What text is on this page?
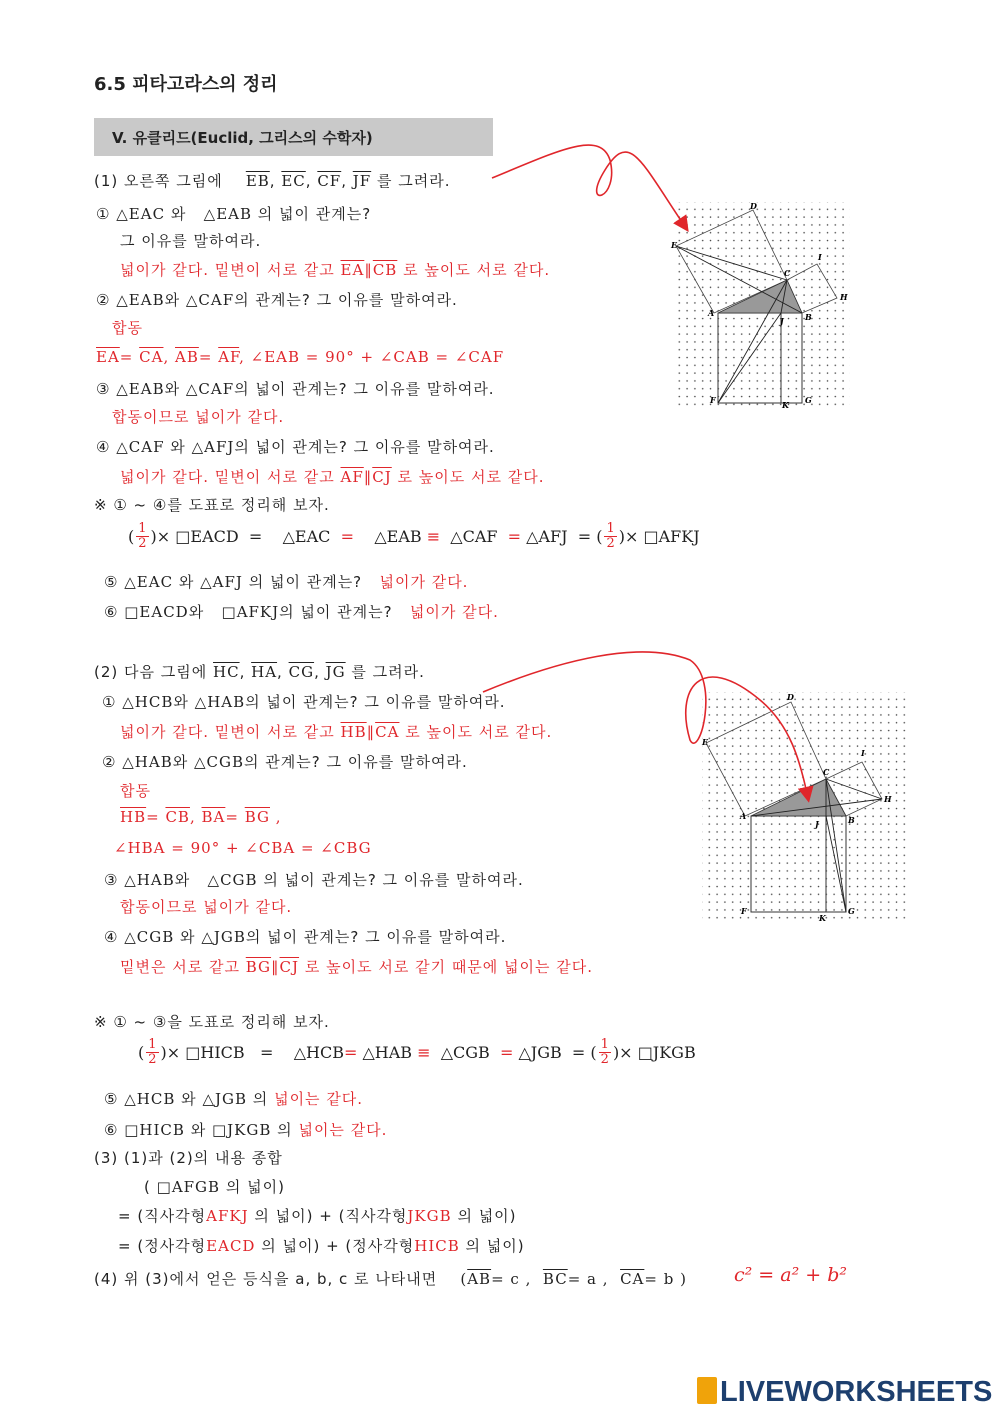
6.5 피타고라스의 정리
V. 유클리드(Euclid, 그리스의 수학자)
(1) 오른쪽 그림에 $\overline{EB}$, $\overline{EC}$, $\overline{CF}$, $\overline{JF}$ 를 그려라.
① △EAC 와 △EAB 의 넓이 관계는?
그 이유를 말하여라.
넓이가 같다. 밑변이 서로 같고 $\overline{EA}\parallel\overline{CB}$ 로 높이도 서로 같다.
② △EAB와 △CAF의 관계는? 그 이유를 말하여라.
합동
$\overline{EA}= \overline{CA}$, $\overline{AB}= \overline{AF}$, ∠EAB = 90° + ∠CAB = ∠CAF
③ △EAB와 △CAF의 넓이 관계는? 그 이유를 말하여라.
합동이므로 넓이가 같다.
④ △CAF 와 △AFJ의 넓이 관계는? 그 이유를 말하여라.
넓이가 같다. 밑변이 서로 같고 $\overline{AF}\parallel\overline{CJ}$ 로 높이도 서로 같다.
※ ① ~ ④를 도표로 정리해 보자.
( $\frac{1}{2}$ )×
□EACD
=
△EAC
=
△EAB
≡
△CAF
=
△AFJ
=
( $\frac{1}{2}$ )×
□AFKJ
⑤ △EAC 와 △AFJ 의 넓이 관계는? 넓이가 같다.
⑥ □EACD와 □AFKJ의 넓이 관계는? 넓이가 같다.
(2) 다음 그림에 $\overline{HC}$, $\overline{HA}$, $\overline{CG}$, $\overline{JG}$ 를 그려라.
① △HCB와 △HAB의 넓이 관계는? 그 이유를 말하여라.
넓이가 같다. 밑변이 서로 같고 $\overline{HB}\parallel\overline{CA}$ 로 높이도 서로 같다.
② △HAB와 △CGB의 관계는? 그 이유를 말하여라.
합동
$\overline{HB}= \overline{CB}$, $\overline{BA}= \overline{BG}$ ,
∠HBA = 90° + ∠CBA = ∠CBG
③ △HAB와 △CGB 의 넓이 관계는? 그 이유를 말하여라.
합동이므로 넓이가 같다.
④ △CGB 와 △JGB의 넓이 관계는? 그 이유를 말하여라.
밑변은 서로 같고 $\overline{BG}\parallel\overline{CJ}$ 로 높이도 서로 같기 때문에 넓이는 같다.
※ ① ~ ③을 도표로 정리해 보자.
( $\frac{1}{2}$ )×
□HICB
=
△HCB =
△HAB
≡
△CGB
=
△JGB
=
( $\frac{1}{2}$ )×
□JKGB
⑤ △HCB 와 △JGB 의 넓이는 같다.
⑥ □HICB 와 □JKGB 의 넓이는 같다.
(3) (1)과 (2)의 내용 종합
( □AFGB 의 넓이)
= (직사각형AFKJ 의 넓이) + (직사각형JKGB 의 넓이)
= (정사각형EACD 의 넓이) + (정사각형HICB 의 넓이)
(4) 위 (3)에서 얻은 등식을 a, b, c 로 나타내면 ($\overline{AB}= c$ , $\overline{BC}= a$ , $\overline{CA}= b$ ) c² = a² + b²
D
E
C
I
H
A
J	B
F	K G
D
E
C
I
H
A
J	B
F
K
G
LIVEWORKSHEETS
